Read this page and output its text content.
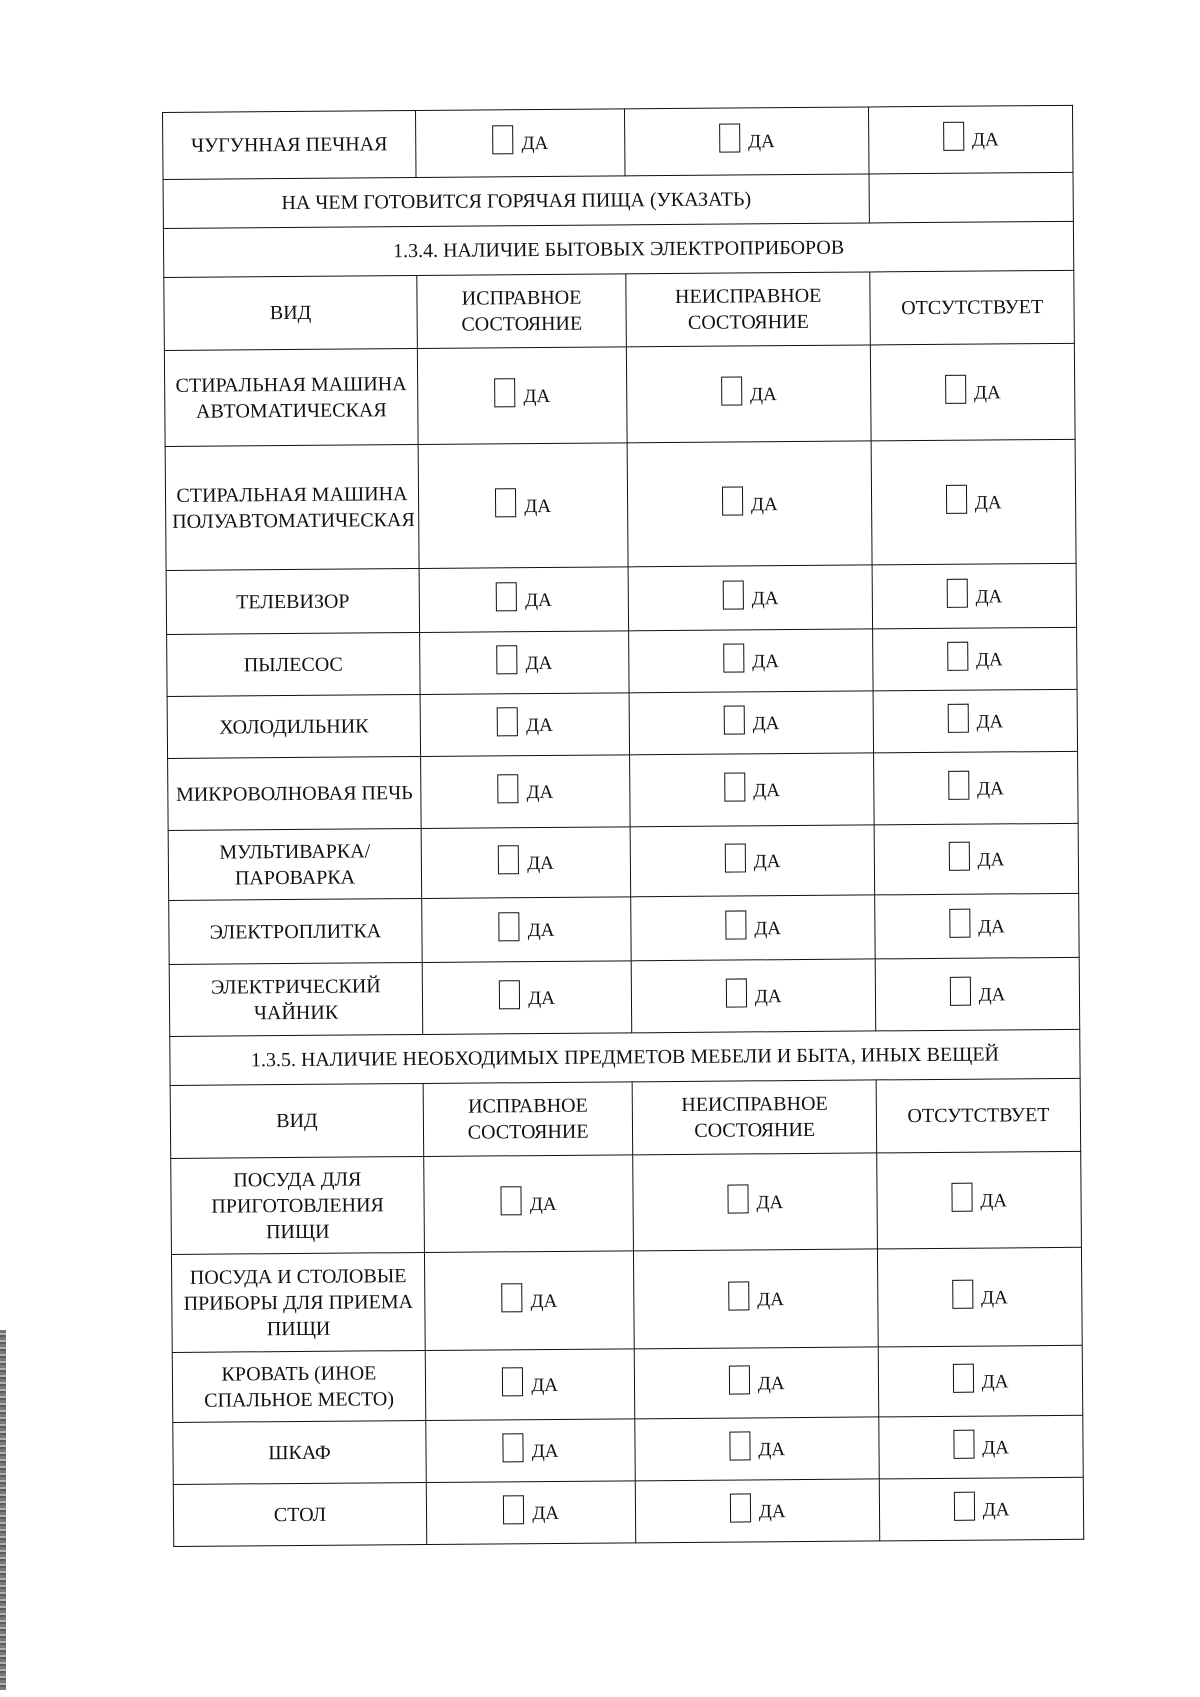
ЧУГУННАЯ ПЕЧНАЯ	ДА	ДА	ДА

НА ЧЕМ ГОТОВИТСЯ ГОРЯЧАЯ ПИЩА (УКАЗАТЬ)			
1.3.4. НАЛИЧИЕ БЫТОВЫХ ЭЛЕКТРОПРИБОРОВ			
ВИД	ИСПРАВНОЕ СОСТОЯНИЕ	НЕИСПРАВНОЕ СОСТОЯНИЕ	ОТСУТСТВУЕТ
СТИРАЛЬНАЯ МАШИНА АВТОМАТИЧЕСКАЯ	ДА	ДА	ДА

СТИРАЛЬНАЯ МАШИНА ПОЛУАВТОМАТИЧЕСКАЯ	ДА	ДА	ДА

ТЕЛЕВИЗОР	ДА	ДА	ДА

ПЫЛЕСОС	ДА	ДА	ДА

ХОЛОДИЛЬНИК	ДА	ДА	ДА

МИКРОВОЛНОВАЯ ПЕЧЬ	ДА	ДА	ДА

МУЛЬТИВАРКА/ПАРОВАРКА	ДА	ДА	ДА

ЭЛЕКТРОПЛИТКА	ДА	ДА	ДА

ЭЛЕКТРИЧЕСКИЙ ЧАЙНИК	ДА	ДА	ДА

1.3.5. НАЛИЧИЕ НЕОБХОДИМЫХ ПРЕДМЕТОВ МЕБЕЛИ И БЫТА, ИНЫХ ВЕЩЕЙ			
ВИД	ИСПРАВНОЕ СОСТОЯНИЕ	НЕИСПРАВНОЕ СОСТОЯНИЕ	ОТСУТСТВУЕТ
ПОСУДА ДЛЯ ПРИГОТОВЛЕНИЯ ПИЩИ	ДА	ДА	ДА

ПОСУДА И СТОЛОВЫЕ ПРИБОРЫ ДЛЯ ПРИЕМА ПИЩИ	ДА	ДА	ДА

КРОВАТЬ (ИНОЕ СПАЛЬНОЕ МЕСТО)	ДА	ДА	ДА

ШКАФ	ДА	ДА	ДА

СТОЛ	ДА	ДА	ДА
